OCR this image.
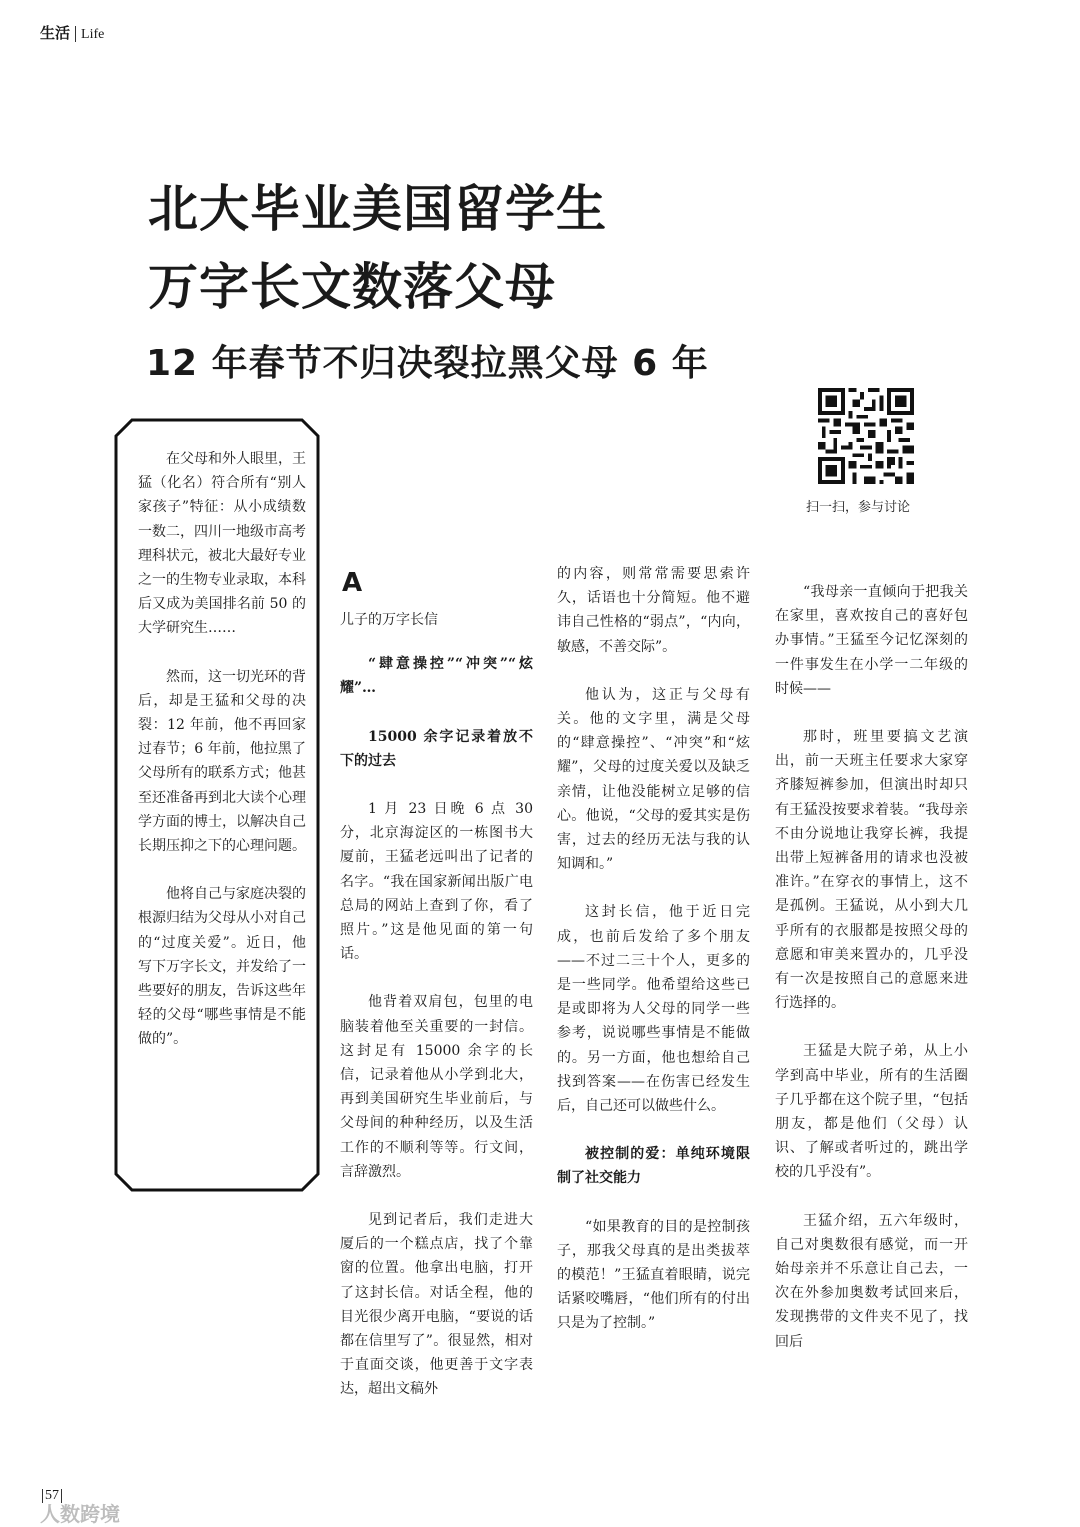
生活 Life
北大毕业美国留学生
万字长文数落父母
12 年春节不归决裂拉黑父母 6 年
扫一扫，参与讨论

在父母和外人眼里，王猛（化名）符合所有“别人家孩子”特征：从小成绩数一数二，四川一地级市高考理科状元，被北大最好专业之一的生物专业录取，本科后又成为美国排名前 50 的大学研究生……

然而，这一切光环的背后，却是王猛和父母的决裂：12 年前，他不再回家过春节；6 年前，他拉黑了父母所有的联系方式；他甚至还准备再到北大读个心理学方面的博士，以解决自己长期压抑之下的心理问题。

他将自己与家庭决裂的根源归结为父母从小对自己的“过度关爱”。近日，他写下万字长文，并发给了一些要好的朋友，告诉这些年轻的父母“哪些事情是不能做的”。

A

儿子的万字长信

“肆意操控”“冲突”“炫耀”…

15000 余字记录着放不下的过去

1 月 23 日晚 6 点 30 分，北京海淀区的一栋图书大厦前，王猛老远叫出了记者的名字。“我在国家新闻出版广电总局的网站上查到了你，看了照片。”这是他见面的第一句话。

他背着双肩包，包里的电脑装着他至关重要的一封信。这封足有 15000 余字的长信，记录着他从小学到北大，再到美国研究生毕业前后，与父母间的种种经历，以及生活工作的不顺利等等。行文间，言辞激烈。

见到记者后，我们走进大厦后的一个糕点店，找了个靠窗的位置。他拿出电脑，打开了这封长信。对话全程，他的目光很少离开电脑，“要说的话都在信里写了”。很显然，相对于直面交谈，他更善于文字表达，超出文稿外

的内容，则常常需要思索许久，话语也十分简短。他不避讳自己性格的“弱点”，“内向，敏感，不善交际”。

他认为，这正与父母有关。他的文字里，满是父母的“肆意操控”、“冲突”和“炫耀”，父母的过度关爱以及缺乏亲情，让他没能树立足够的信心。他说，“父母的爱其实是伤害，过去的经历无法与我的认知调和。”

这封长信，他于近日完成，也前后发给了多个朋友——不过二三十个人，更多的是一些同学。他希望给这些已是或即将为人父母的同学一些参考，说说哪些事情是不能做的。另一方面，他也想给自己找到答案——在伤害已经发生后，自己还可以做些什么。

被控制的爱：单纯环境限制了社交能力

“如果教育的目的是控制孩子，那我父母真的是出类拔萃的模范！”王猛直着眼睛，说完话紧咬嘴唇，“他们所有的付出只是为了控制。”

“我母亲一直倾向于把我关在家里，喜欢按自己的喜好包办事情。”王猛至今记忆深刻的一件事发生在小学一二年级的时候——

那时，班里要搞文艺演出，前一天班主任要求大家穿齐膝短裤参加，但演出时却只有王猛没按要求着装。“我母亲不由分说地让我穿长裤，我提出带上短裤备用的请求也没被准许。”在穿衣的事情上，这不是孤例。王猛说，从小到大几乎所有的衣服都是按照父母的意愿和审美来置办的，几乎没有一次是按照自己的意愿来进行选择的。

王猛是大院子弟，从上小学到高中毕业，所有的生活圈子几乎都在这个院子里，“包括朋友，都是他们（父母）认识、了解或者听过的，跳出学校的几乎没有”。

王猛介绍，五六年级时，自己对奥数很有感觉，而一开始母亲并不乐意让自己去，一次在外参加奥数考试回来后，发现携带的文件夹不见了，找回后

57
人数跨境
